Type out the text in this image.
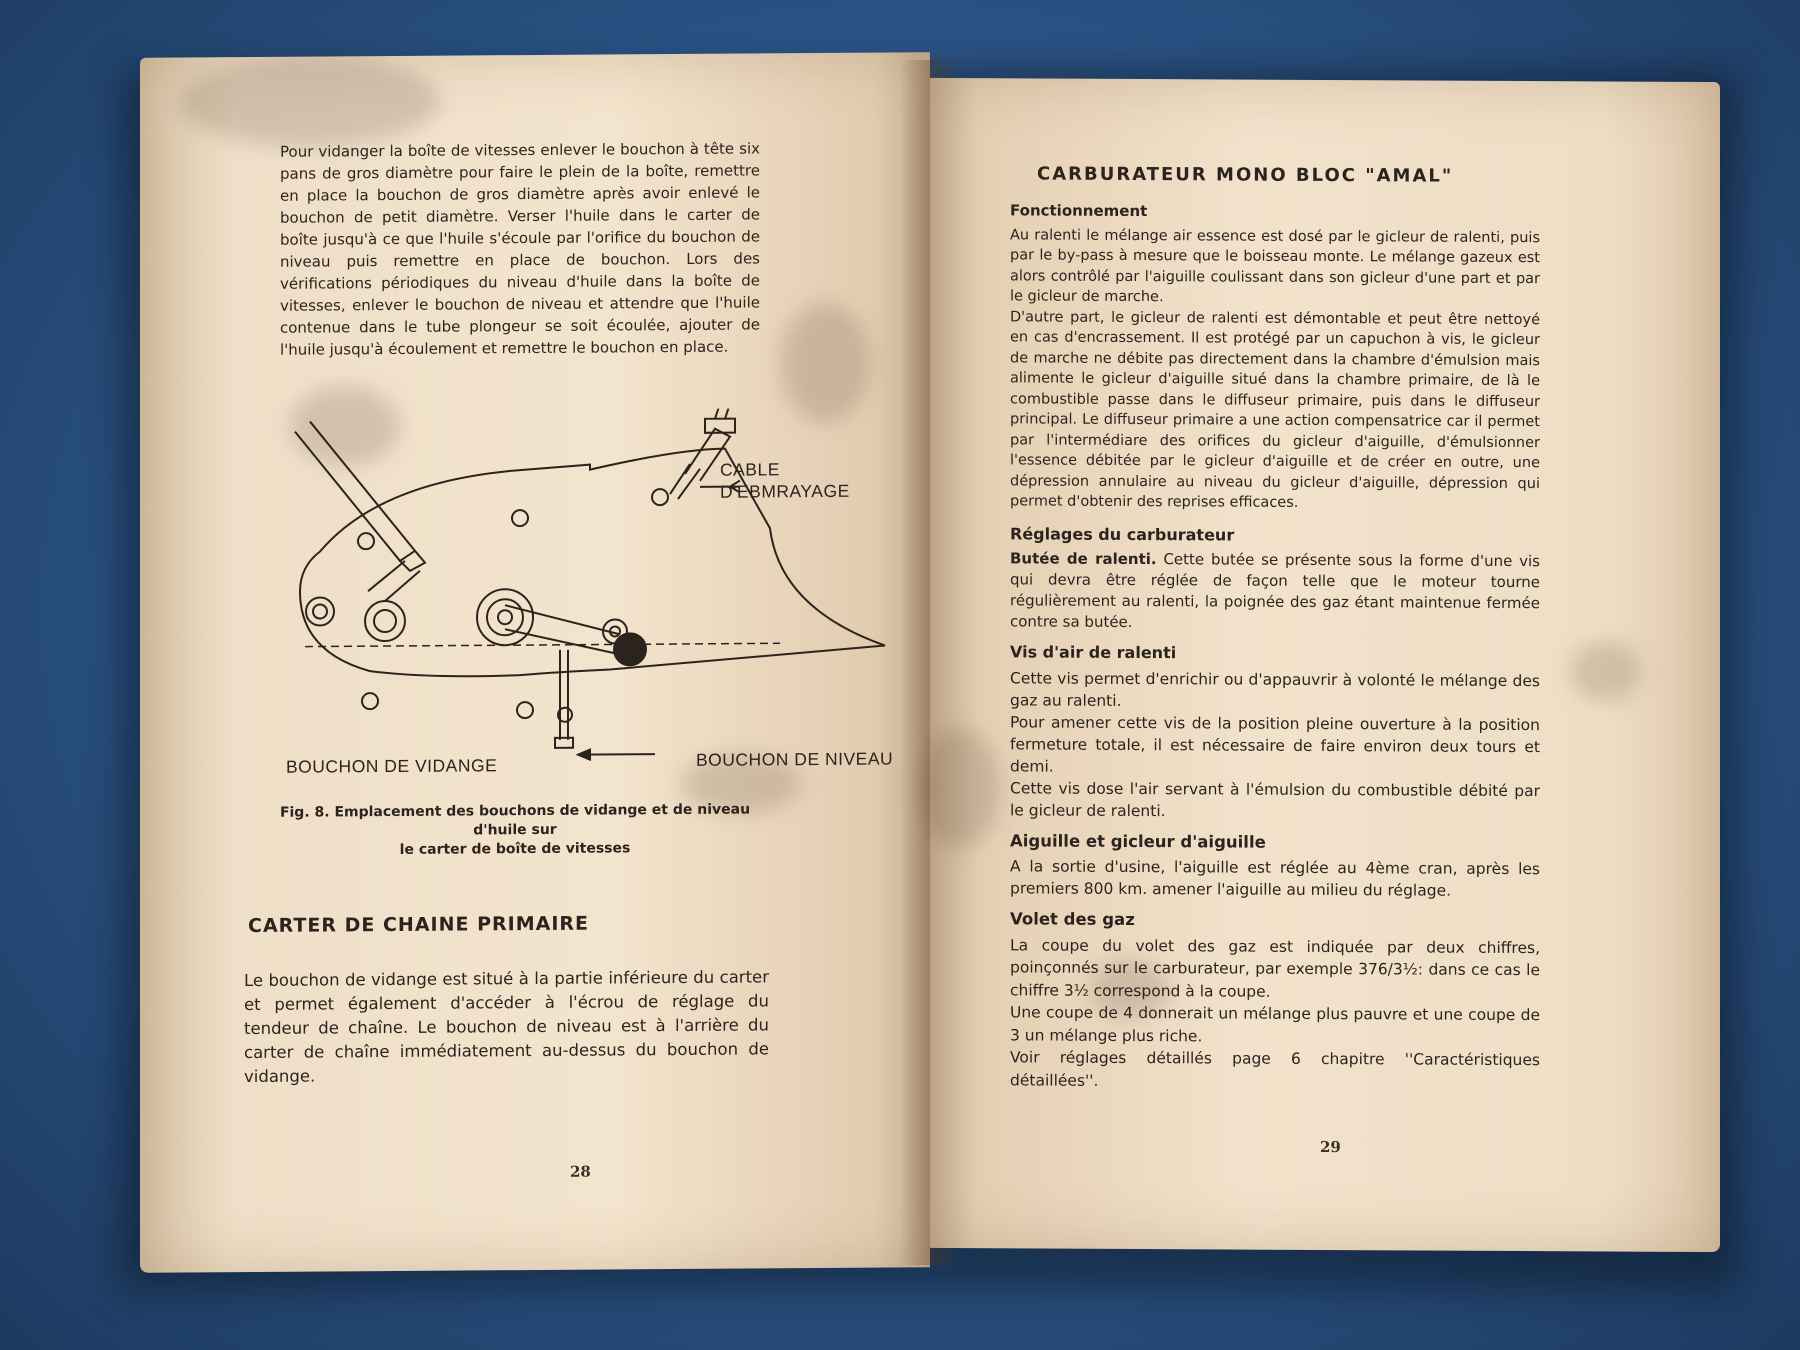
Pour vidanger la boîte de vitesses enlever le bouchon à tête six pans de gros diamètre pour faire le plein de la boîte, remettre en place la bouchon de gros diamètre après avoir enlevé le bouchon de petit diamètre. Verser l'huile dans le carter de boîte jusqu'à ce que l'huile s'écoule par l'orifice du bouchon de niveau puis remettre en place de bouchon. Lors des vérifications périodiques du niveau d'huile dans la boîte de vitesses, enlever le bouchon de niveau et attendre que l'huile contenue dans le tube plongeur se soit écoulée, ajouter de l'huile jusqu'à écoulement et remettre le bouchon en place.

CABLE
D'EBMRAYAGE
BOUCHON DE VIDANGE	BOUCHON DE NIVEAU
Fig. 8. Emplacement des bouchons de vidange et de niveau d'huile sur
le carter de boîte de vitesses
CARTER DE CHAINE PRIMAIRE

Le bouchon de vidange est situé à la partie inférieure du carter et permet également d'accéder à l'écrou de réglage du tendeur de chaîne. Le bouchon de niveau est à l'arrière du carter de chaîne immédiatement au-dessus du bouchon de vidange.

28
CARBURATEUR MONO BLOC "AMAL"
Fonctionnement

Au ralenti le mélange air essence est dosé par le gicleur de ralenti, puis par le by-pass à mesure que le boisseau monte. Le mélange gazeux est alors contrôlé par l'aiguille coulissant dans son gicleur d'une part et par le gicleur de marche.

D'autre part, le gicleur de ralenti est démontable et peut être nettoyé en cas d'encrassement. Il est protégé par un capuchon à vis, le gicleur de marche ne débite pas directement dans la chambre d'émulsion mais alimente le gicleur d'aiguille situé dans la chambre primaire, de là le combustible passe dans le diffuseur primaire, puis dans le diffuseur principal. Le diffuseur primaire a une action compensatrice car il permet par l'intermédiare des orifices du gicleur d'aiguille, d'émulsionner l'essence débitée par le gicleur d'aiguille et de créer en outre, une dépression annulaire au niveau du gicleur d'aiguille, dépression qui permet d'obtenir des reprises efficaces.

Réglages du carburateur

Butée de ralenti. Cette butée se présente sous la forme d'une vis qui devra être réglée de façon telle que le moteur tourne régulièrement au ralenti, la poignée des gaz étant maintenue fermée contre sa butée.

Vis d'air de ralenti

Cette vis permet d'enrichir ou d'appauvrir à volonté le mélange des gaz au ralenti.

Pour amener cette vis de la position pleine ouverture à la position fermeture totale, il est nécessaire de faire environ deux tours et demi.

Cette vis dose l'air servant à l'émulsion du combustible débité par le gicleur de ralenti.

Aiguille et gicleur d'aiguille

A la sortie d'usine, l'aiguille est réglée au 4ème cran, après les premiers 800 km. amener l'aiguille au milieu du réglage.

Volet des gaz

La coupe du volet des gaz est indiquée par deux chiffres, poinçonnés sur le carburateur, par exemple 376/3½: dans ce cas le chiffre 3½ correspond à la coupe.

Une coupe de 4 donnerait un mélange plus pauvre et une coupe de 3 un mélange plus riche.

Voir réglages détaillés page 6 chapitre ''Caractéristiques détaillées''.

29
